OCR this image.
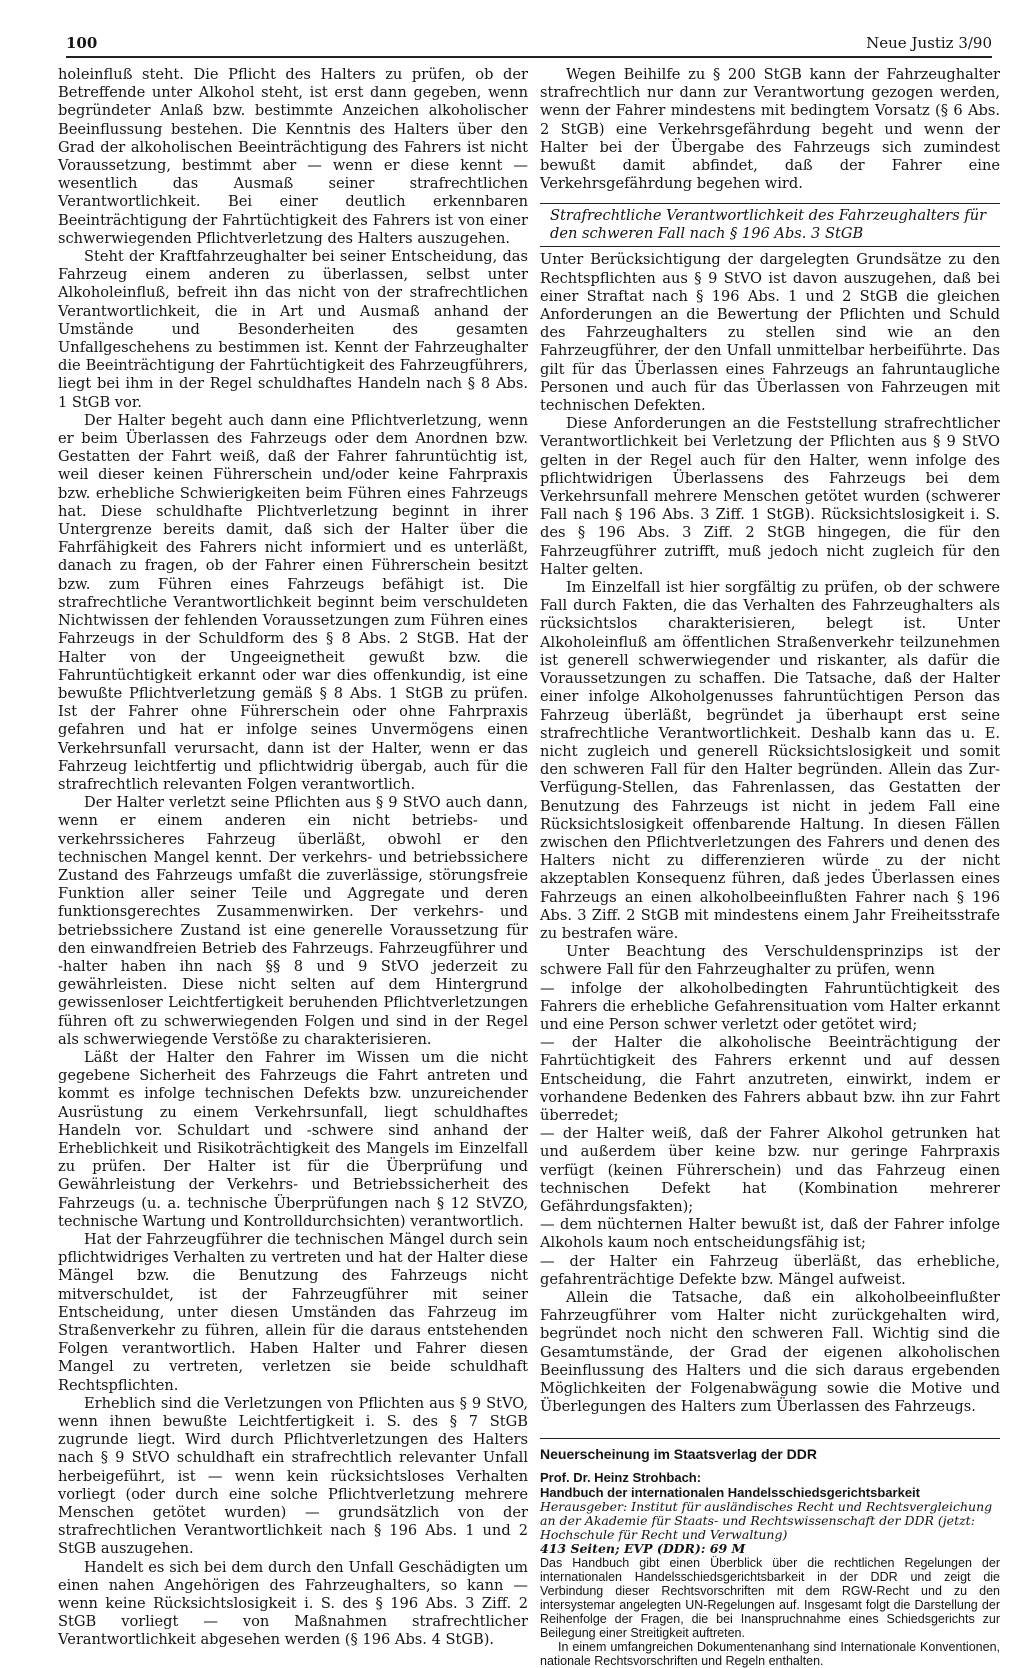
100	Neue Justiz 3/90

holeinfluß steht. Die Pflicht des Halters zu prüfen, ob der Betreffende unter Alkohol steht, ist erst dann gegeben, wenn begründeter Anlaß bzw. bestimmte Anzeichen alkoholischer Beeinflussung bestehen. Die Kenntnis des Halters über den Grad der alkoholischen Beeinträchtigung des Fahrers ist nicht Voraussetzung, bestimmt aber — wenn er diese kennt — wesentlich das Ausmaß seiner strafrechtlichen Verantwortlichkeit. Bei einer deutlich erkennbaren Beeinträchtigung der Fahrtüchtigkeit des Fahrers ist von einer schwerwiegenden Pflichtverletzung des Halters auszugehen.

Steht der Kraftfahrzeughalter bei seiner Entscheidung, das Fahrzeug einem anderen zu überlassen, selbst unter Alkoholeinfluß, befreit ihn das nicht von der strafrechtlichen Verantwortlichkeit, die in Art und Ausmaß anhand der Umstände und Besonderheiten des gesamten Unfallgeschehens zu bestimmen ist. Kennt der Fahrzeughalter die Beeinträchtigung der Fahrtüchtigkeit des Fahrzeugführers, liegt bei ihm in der Regel schuldhaftes Handeln nach § 8 Abs. 1 StGB vor.

Der Halter begeht auch dann eine Pflichtverletzung, wenn er beim Überlassen des Fahrzeugs oder dem Anordnen bzw. Gestatten der Fahrt weiß, daß der Fahrer fahruntüchtig ist, weil dieser keinen Führerschein und/oder keine Fahrpraxis bzw. erhebliche Schwierigkeiten beim Führen eines Fahrzeugs hat. Diese schuldhafte Plichtverletzung beginnt in ihrer Untergrenze bereits damit, daß sich der Halter über die Fahrfähigkeit des Fahrers nicht informiert und es unterläßt, danach zu fragen, ob der Fahrer einen Führerschein besitzt bzw. zum Führen eines Fahrzeugs befähigt ist. Die strafrechtliche Verantwortlichkeit beginnt beim verschuldeten Nichtwissen der fehlenden Voraussetzungen zum Führen eines Fahrzeugs in der Schuldform des § 8 Abs. 2 StGB. Hat der Halter von der Ungeeignetheit gewußt bzw. die Fahruntüchtigkeit erkannt oder war dies offenkundig, ist eine bewußte Pflichtverletzung gemäß § 8 Abs. 1 StGB zu prüfen. Ist der Fahrer ohne Führerschein oder ohne Fahrpraxis gefahren und hat er infolge seines Unvermögens einen Verkehrsunfall verursacht, dann ist der Halter, wenn er das Fahrzeug leichtfertig und pflichtwidrig übergab, auch für die strafrechtlich relevanten Folgen verantwortlich.

Der Halter verletzt seine Pflichten aus § 9 StVO auch dann, wenn er einem anderen ein nicht betriebs- und verkehrssicheres Fahrzeug überläßt, obwohl er den technischen Mangel kennt. Der verkehrs- und betriebssichere Zustand des Fahrzeugs umfaßt die zuverlässige, störungsfreie Funktion aller seiner Teile und Aggregate und deren funktionsgerechtes Zusammenwirken. Der verkehrs- und betriebssichere Zustand ist eine generelle Voraussetzung für den einwandfreien Betrieb des Fahrzeugs. Fahrzeugführer und -halter haben ihn nach §§ 8 und 9 StVO jederzeit zu gewährleisten. Diese nicht selten auf dem Hintergrund gewissenloser Leichtfertigkeit beruhenden Pflichtverletzungen führen oft zu schwerwiegenden Folgen und sind in der Regel als schwerwiegende Verstöße zu charakterisieren.

Läßt der Halter den Fahrer im Wissen um die nicht gegebene Sicherheit des Fahrzeugs die Fahrt antreten und kommt es infolge technischen Defekts bzw. unzureichender Ausrüstung zu einem Verkehrsunfall, liegt schuldhaftes Handeln vor. Schuldart und -schwere sind anhand der Erheblichkeit und Risikoträchtigkeit des Mangels im Einzelfall zu prüfen. Der Halter ist für die Überprüfung und Gewährleistung der Verkehrs- und Betriebssicherheit des Fahrzeugs (u. a. technische Überprüfungen nach § 12 StVZO, technische Wartung und Kontrolldurchsichten) verantwortlich.

Hat der Fahrzeugführer die technischen Mängel durch sein pflichtwidriges Verhalten zu vertreten und hat der Halter diese Mängel bzw. die Benutzung des Fahrzeugs nicht mitverschuldet, ist der Fahrzeugführer mit seiner Entscheidung, unter diesen Umständen das Fahrzeug im Straßenverkehr zu führen, allein für die daraus entstehenden Folgen verantwortlich. Haben Halter und Fahrer diesen Mangel zu vertreten, verletzen sie beide schuldhaft Rechtspflichten.

Erheblich sind die Verletzungen von Pflichten aus § 9 StVO, wenn ihnen bewußte Leichtfertigkeit i. S. des § 7 StGB zugrunde liegt. Wird durch Pflichtverletzungen des Halters nach § 9 StVO schuldhaft ein strafrechtlich relevanter Unfall herbeigeführt, ist — wenn kein rücksichtsloses Verhalten vorliegt (oder durch eine solche Pflichtverletzung mehrere Menschen getötet wurden) — grundsätzlich von der strafrechtlichen Verantwortlichkeit nach § 196 Abs. 1 und 2 StGB auszugehen.

Handelt es sich bei dem durch den Unfall Geschädigten um einen nahen Angehörigen des Fahrzeughalters, so kann — wenn keine Rücksichtslosigkeit i. S. des § 196 Abs. 3 Ziff. 2 StGB vorliegt — von Maßnahmen strafrechtlicher Verantwortlichkeit abgesehen werden (§ 196 Abs. 4 StGB).

Wegen Beihilfe zu § 200 StGB kann der Fahrzeughalter strafrechtlich nur dann zur Verantwortung gezogen werden, wenn der Fahrer mindestens mit bedingtem Vorsatz (§ 6 Abs. 2 StGB) eine Verkehrsgefährdung begeht und wenn der Halter bei der Übergabe des Fahrzeugs sich zumindest bewußt damit abfindet, daß der Fahrer eine Verkehrsgefährdung begehen wird.

Strafrechtliche Verantwortlichkeit des Fahrzeughalters für den schweren Fall nach § 196 Abs. 3 StGB

Unter Berücksichtigung der dargelegten Grundsätze zu den Rechtspflichten aus § 9 StVO ist davon auszugehen, daß bei einer Straftat nach § 196 Abs. 1 und 2 StGB die gleichen Anforderungen an die Bewertung der Pflichten und Schuld des Fahrzeughalters zu stellen sind wie an den Fahrzeugführer, der den Unfall unmittelbar herbeiführte. Das gilt für das Überlassen eines Fahrzeugs an fahruntaugliche Personen und auch für das Überlassen von Fahrzeugen mit technischen Defekten.

Diese Anforderungen an die Feststellung strafrechtlicher Verantwortlichkeit bei Verletzung der Pflichten aus § 9 StVO gelten in der Regel auch für den Halter, wenn infolge des pflichtwidrigen Überlassens des Fahrzeugs bei dem Verkehrsunfall mehrere Menschen getötet wurden (schwerer Fall nach § 196 Abs. 3 Ziff. 1 StGB). Rücksichtslosigkeit i. S. des § 196 Abs. 3 Ziff. 2 StGB hingegen, die für den Fahrzeugführer zutrifft, muß jedoch nicht zugleich für den Halter gelten.

Im Einzelfall ist hier sorgfältig zu prüfen, ob der schwere Fall durch Fakten, die das Verhalten des Fahrzeughalters als rücksichtslos charakterisieren, belegt ist. Unter Alkoholeinfluß am öffentlichen Straßenverkehr teilzunehmen ist generell schwerwiegender und riskanter, als dafür die Voraussetzungen zu schaffen. Die Tatsache, daß der Halter einer infolge Alkoholgenusses fahruntüchtigen Person das Fahrzeug überläßt, begründet ja überhaupt erst seine strafrechtliche Verantwortlichkeit. Deshalb kann das u. E. nicht zugleich und generell Rücksichtslosigkeit und somit den schweren Fall für den Halter begründen. Allein das Zur-Verfügung-Stellen, das Fahrenlassen, das Gestatten der Benutzung des Fahrzeugs ist nicht in jedem Fall eine Rücksichtslosigkeit offenbarende Haltung. In diesen Fällen zwischen den Pflichtverletzungen des Fahrers und denen des Halters nicht zu differenzieren würde zu der nicht akzeptablen Konsequenz führen, daß jedes Überlassen eines Fahrzeugs an einen alkoholbeeinflußten Fahrer nach § 196 Abs. 3 Ziff. 2 StGB mit mindestens einem Jahr Freiheitsstrafe zu bestrafen wäre.

Unter Beachtung des Verschuldensprinzips ist der schwere Fall für den Fahrzeughalter zu prüfen, wenn

— infolge der alkoholbedingten Fahruntüchtigkeit des Fahrers die erhebliche Gefahrensituation vom Halter erkannt und eine Person schwer verletzt oder getötet wird;

— der Halter die alkoholische Beeinträchtigung der Fahrtüchtigkeit des Fahrers erkennt und auf dessen Entscheidung, die Fahrt anzutreten, einwirkt, indem er vorhandene Bedenken des Fahrers abbaut bzw. ihn zur Fahrt überredet;

— der Halter weiß, daß der Fahrer Alkohol getrunken hat und außerdem über keine bzw. nur geringe Fahrpraxis verfügt (keinen Führerschein) und das Fahrzeug einen technischen Defekt hat (Kombination mehrerer Gefährdungsfakten);

— dem nüchternen Halter bewußt ist, daß der Fahrer infolge Alkohols kaum noch entscheidungsfähig ist;

— der Halter ein Fahrzeug überläßt, das erhebliche, gefahrenträchtige Defekte bzw. Mängel aufweist.

Allein die Tatsache, daß ein alkoholbeeinflußter Fahrzeugführer vom Halter nicht zurückgehalten wird, begründet noch nicht den schweren Fall. Wichtig sind die Gesamtumstände, der Grad der eigenen alkoholischen Beeinflussung des Halters und die sich daraus ergebenden Möglichkeiten der Folgenabwägung sowie die Motive und Überlegungen des Halters zum Überlassen des Fahrzeugs.

Neuerscheinung im Staatsverlag der DDR
Prof. Dr. Heinz Strohbach:
Handbuch der internationalen Handelsschiedsgerichtsbarkeit
Herausgeber: Institut für ausländisches Recht und Rechtsvergleichung an der Akademie für Staats- und Rechtswissenschaft der DDR (jetzt: Hochschule für Recht und Verwaltung)
413 Seiten; EVP (DDR): 69 M

Das Handbuch gibt einen Überblick über die rechtlichen Regelungen der internationalen Handelsschiedsgerichtsbarkeit in der DDR und zeigt die Verbindung dieser Rechtsvorschriften mit dem RGW-Recht und zu den intersystemar angelegten UN-Regelungen auf. Insgesamt folgt die Darstellung der Reihenfolge der Fragen, die bei Inanspruchnahme eines Schiedsgerichts zur Beilegung einer Streitigkeit auftreten.

In einem umfangreichen Dokumentenanhang sind Internationale Konventionen, nationale Rechtsvorschriften und Regeln enthalten.
